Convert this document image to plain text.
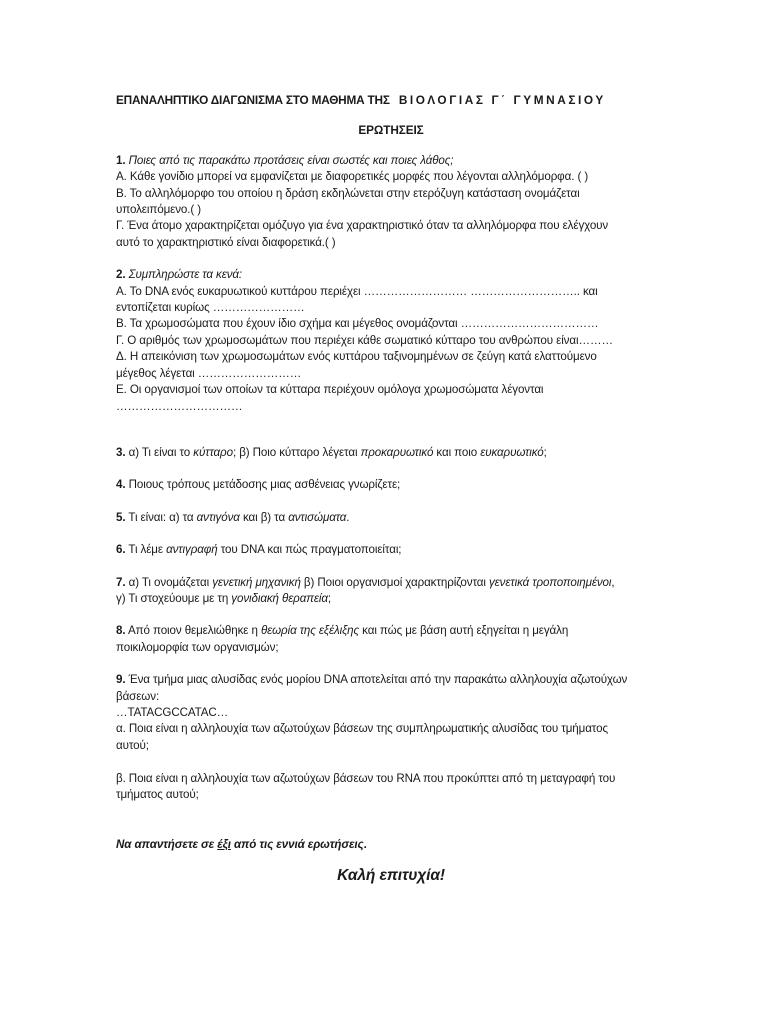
ΕΠΑΝΑΛΗΠΤΙΚΟ ΔΙΑΓΩΝΙΣΜΑ ΣΤΟ ΜΑΘΗΜΑ ΤΗΣ ΒΙΟΛΟΓΙΑΣ Γ΄ ΓΥΜΝΑΣΙΟΥ
ΕΡΩΤΗΣΕΙΣ
1. Ποιες από τις παρακάτω προτάσεις είναι σωστές και ποιες λάθος;
Α. Κάθε γονίδιο μπορεί να εμφανίζεται με διαφορετικές μορφές που λέγονται αλληλόμορφα. ( )
Β. Το αλληλόμορφο του οποίου η δράση εκδηλώνεται στην ετερόζυγη κατάσταση ονομάζεται
υπολειπόμενο.( )
Γ. Ένα άτομο χαρακτηρίζεται ομόζυγο για ένα χαρακτηριστικό όταν τα αλληλόμορφα που ελέγχουν
αυτό το χαρακτηριστικό είναι διαφορετικά.( )
2. Συμπληρώστε τα κενά:
Α. Το DNA ενός ευκαρυωτικού κυττάρου περιέχει ……………………… ……………………….. και
εντοπίζεται κυρίως ……………………
Β. Τα χρωμοσώματα που έχουν ίδιο σχήμα και μέγεθος ονομάζονται ………………………………
Γ. Ο αριθμός των χρωμοσωμάτων που περιέχει κάθε σωματικό κύτταρο του ανθρώπου είναι………
Δ. Η απεικόνιση των χρωμοσωμάτων ενός κυττάρου ταξινομημένων σε ζεύγη κατά ελαττούμενο
μέγεθος λέγεται ………………………
Ε. Οι οργανισμοί των οποίων τα κύτταρα περιέχουν ομόλογα χρωμοσώματα λέγονται
……………………………
3. α) Τι είναι το κύτταρο; β) Ποιο κύτταρο λέγεται προκαρυωτικό και ποιο ευκαρυωτικό;
4. Ποιους τρόπους μετάδοσης μιας ασθένειας γνωρίζετε;
5. Τι είναι: α) τα αντιγόνα και β) τα αντισώματα.
6. Τι λέμε αντιγραφή του DNA και πώς πραγματοποιείται;
7. α) Τι ονομάζεται γενετική μηχανική β) Ποιοι οργανισμοί χαρακτηρίζονται γενετικά τροποποιημένοι,
γ) Τι στοχεύουμε με τη γονιδιακή θεραπεία;
8. Από ποιον θεμελιώθηκε η θεωρία της εξέλιξης και πώς με βάση αυτή εξηγείται η μεγάλη
ποικιλομορφία των οργανισμών;
9. Ένα τμήμα μιας αλυσίδας ενός μορίου DNA αποτελείται από την παρακάτω αλληλουχία αζωτούχων
βάσεων:
…TATACGCCATAC…
α. Ποια είναι η αλληλουχία των αζωτούχων βάσεων της συμπληρωματικής αλυσίδας του τμήματος
αυτού;
β. Ποια είναι η αλληλουχία των αζωτούχων βάσεων του RNA που προκύπτει από τη μεταγραφή του
τμήματος αυτού;
Να απαντήσετε σε έξι από τις εννιά ερωτήσεις.
Καλή επιτυχία!
